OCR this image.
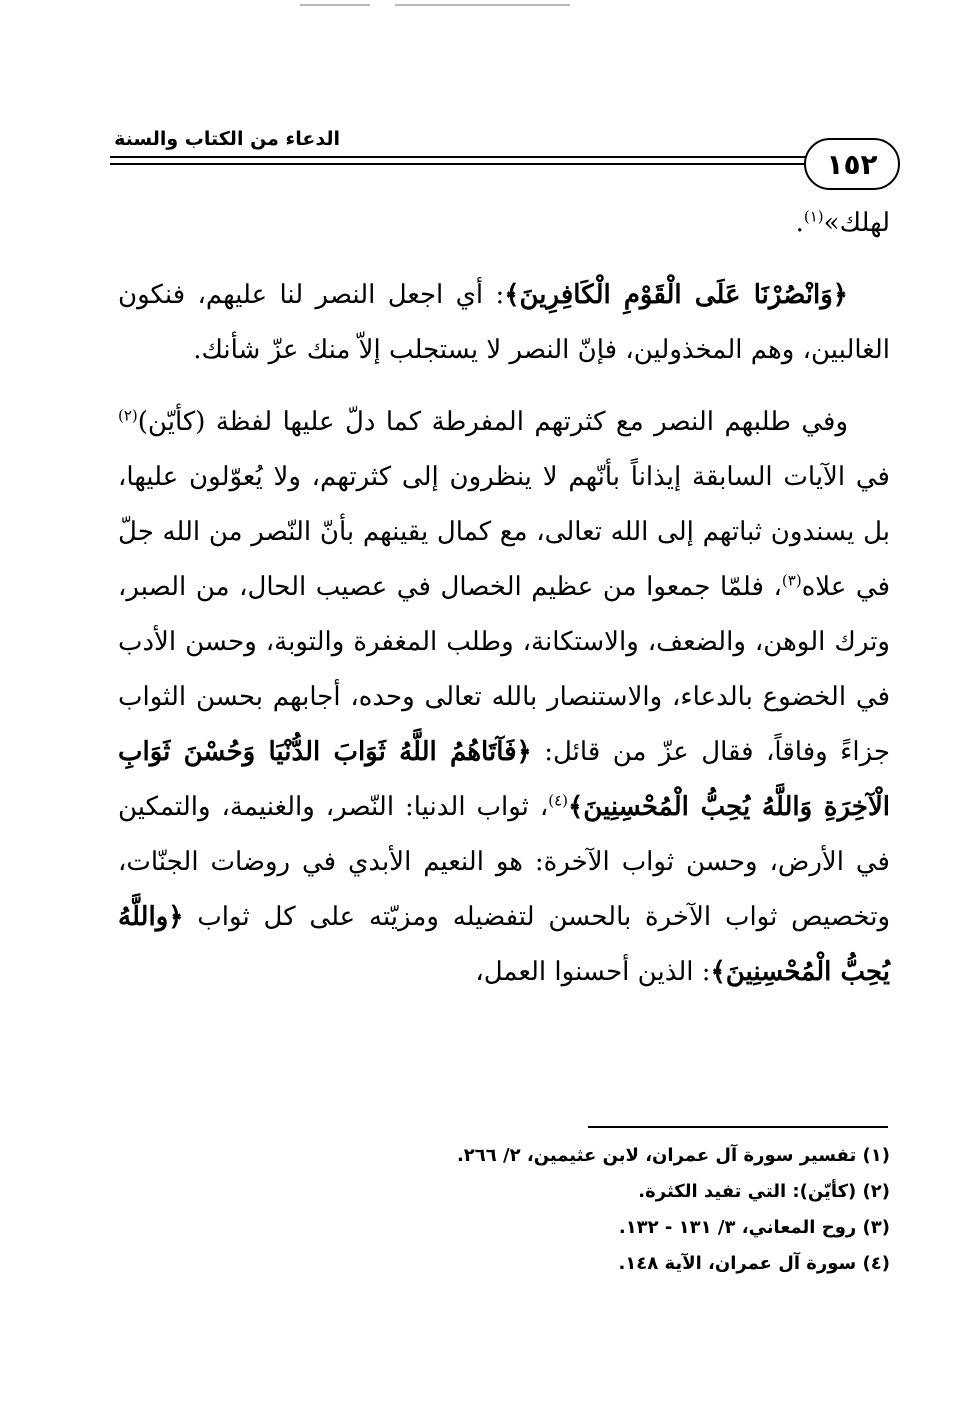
الدعاء من الكتاب والسنة
١٥٢

لهلك»$^{(١)}$.

﴿وَانْصُرْنَا عَلَى الْقَوْمِ الْكَافِرِينَ﴾: أي اجعل النصر لنا عليهم، فنكون الغالبين، وهم المخذولين، فإنّ النصر لا يستجلب إلاّ منك عزّ شأنك.

وفي طلبهم النصر مع كثرتهم المفرطة كما دلّ عليها لفظة (كأيّن)$^{(٢)}$ في الآيات السابقة إيذاناً بأنّهم لا ينظرون إلى كثرتهم، ولا يُعوّلون عليها، بل يسندون ثباتهم إلى الله تعالى، مع كمال يقينهم بأنّ النّصر من الله جلّ في علاه$^{(٣)}$، فلمّا جمعوا من عظيم الخصال في عصيب الحال، من الصبر، وترك الوهن، والضعف، والاستكانة، وطلب المغفرة والتوبة، وحسن الأدب في الخضوع بالدعاء، والاستنصار بالله تعالى وحده، أجابهم بحسن الثواب جزاءً وفاقاً، فقال عزّ من قائل: ﴿فَآتَاهُمُ اللَّهُ ثَوَابَ الدُّنْيَا وَحُسْنَ ثَوَابِ الْآخِرَةِ وَاللَّهُ يُحِبُّ الْمُحْسِنِينَ﴾$^{(٤)}$، ثواب الدنيا: النّصر، والغنيمة، والتمكين في الأرض، وحسن ثواب الآخرة: هو النعيم الأبدي في روضات الجنّات، وتخصيص ثواب الآخرة بالحسن لتفضيله ومزيّته على كل ثواب ﴿واللَّهُ يُحِبُّ الْمُحْسِنِينَ﴾: الذين أحسنوا العمل،

(١) تفسير سورة آل عمران، لابن عثيمين، ٢/ ٢٦٦.
(٢) (كأيّن): التي تفيد الكثرة.
(٣) روح المعاني، ٣/ ١٣١ - ١٣٢.
(٤) سورة آل عمران، الآية ١٤٨.
